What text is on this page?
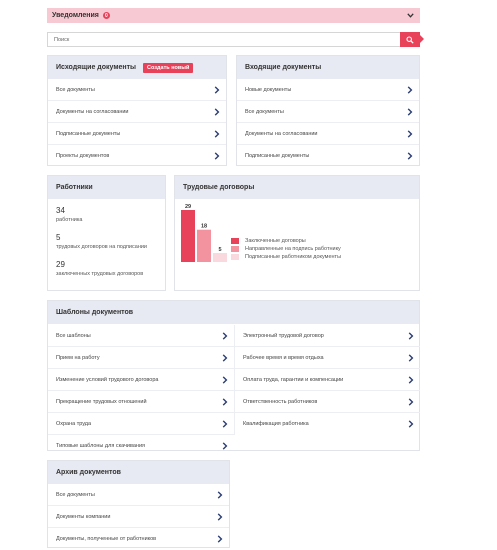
Уведомления	0
Поиск
Исходящие документы	Создать новый
Все документы
Документы на согласовании
Подписанные документы
Проекты документов
Входящие документы
Новые документы
Все документы
Документы на согласовании
Подписанные документы
Работники
34
работника
5
трудовых договоров на подписании
29
заключенных трудовых договоров
Трудовые договоры
29
18
5
Заключенные договоры
Направленные на подпись работнику
Подписанные работником документы
Шаблоны документов
Все шаблоны
Прием на работу
Изменение условий трудового договора
Прекращение трудовых отношений
Охрана труда
Типовые шаблоны для скачивания
Электронный трудовой договор
Рабочее время и время отдыха
Оплата труда, гарантии и компенсации
Ответственность работников
Квалификация работника
Архив документов
Все документы
Документы компании
Документы, полученные от работников
